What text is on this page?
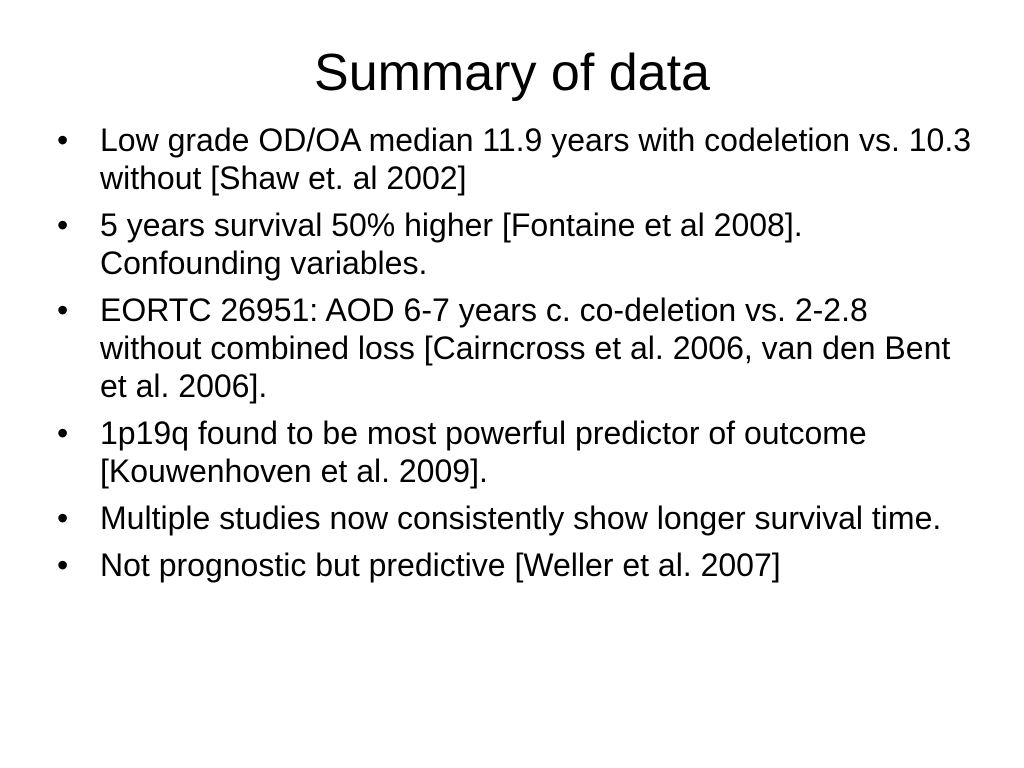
Summary of data
• Low grade OD/OA median 11.9 years with codeletion vs. 10.3 without [Shaw et. al 2002]
• 5 years survival 50% higher [Fontaine et al 2008]. Confounding variables.
• EORTC 26951: AOD 6-7 years c. co-deletion vs. 2-2.8 without combined loss [Cairncross et al. 2006, van den Bent et al. 2006].
• 1p19q found to be most powerful predictor of outcome [Kouwenhoven et al. 2009].
• Multiple studies now consistently show longer survival time.
• Not prognostic but predictive [Weller et al. 2007]
